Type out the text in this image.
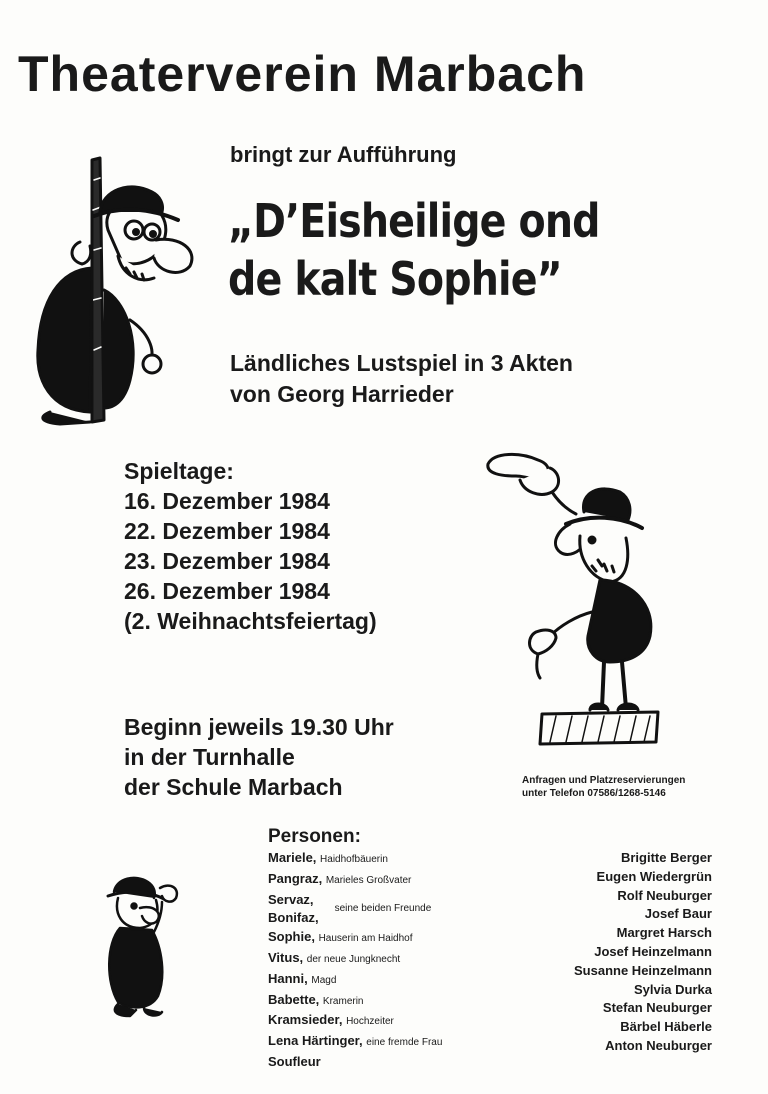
Theaterverein Marbach
bringt zur Aufführung
„D’Eisheilige ond
de kalt Sophie”
Ländliches Lustspiel in 3 Akten
von Georg Harrieder
Spieltage:
16. Dezember 1984
22. Dezember 1984
23. Dezember 1984
26. Dezember 1984
(2. Weihnachtsfeiertag)
Beginn jeweils 19.30 Uhr
in der Turnhalle
der Schule Marbach	Anfragen und Platzreservierungen
unter Telefon 07586/1268-5146
Personen:
Mariele, Haidhofbäuerin
Pangraz, Marieles Großvater
Servaz,
Bonifaz,
seine beiden Freunde
Sophie, Hauserin am Haidhof
Vitus, der neue Jungknecht
Hanni, Magd
Babette, Kramerin
Kramsieder, Hochzeiter
Lena Härtinger, eine fremde Frau
Soufleur
Brigitte Berger
Eugen Wiedergrün
Rolf Neuburger
Josef Baur
Margret Harsch
Josef Heinzelmann
Susanne Heinzelmann
Sylvia Durka
Stefan Neuburger
Bärbel Häberle
Anton Neuburger
